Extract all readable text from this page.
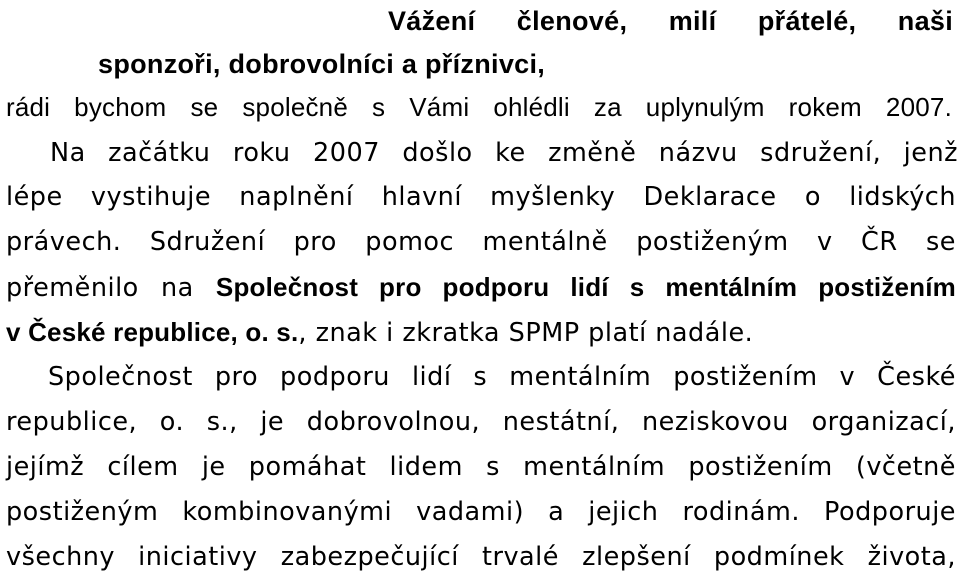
Vážení členové, milí přátelé, naši
sponzoři, dobrovolníci a příznivci,
rádi bychom se společně s Vámi ohlédli za uplynulým rokem 2007.
Na začátku roku 2007 došlo ke změně názvu sdružení, jenž
lépe vystihuje naplnění hlavní myšlenky Deklarace o lidských
právech. Sdružení pro pomoc mentálně postiženým v ČR se
přeměnilo na Společnost pro podporu lidí s mentálním postižením
v České republice, o. s., znak i zkratka SPMP platí nadále.
Společnost pro podporu lidí s mentálním postižením v České
republice, o. s., je dobrovolnou, nestátní, neziskovou organizací,
jejímž cílem je pomáhat lidem s mentálním postižením (včetně
postiženým kombinovanými vadami) a jejich rodinám. Podporuje
všechny iniciativy zabezpečující trvalé zlepšení podmínek života,
